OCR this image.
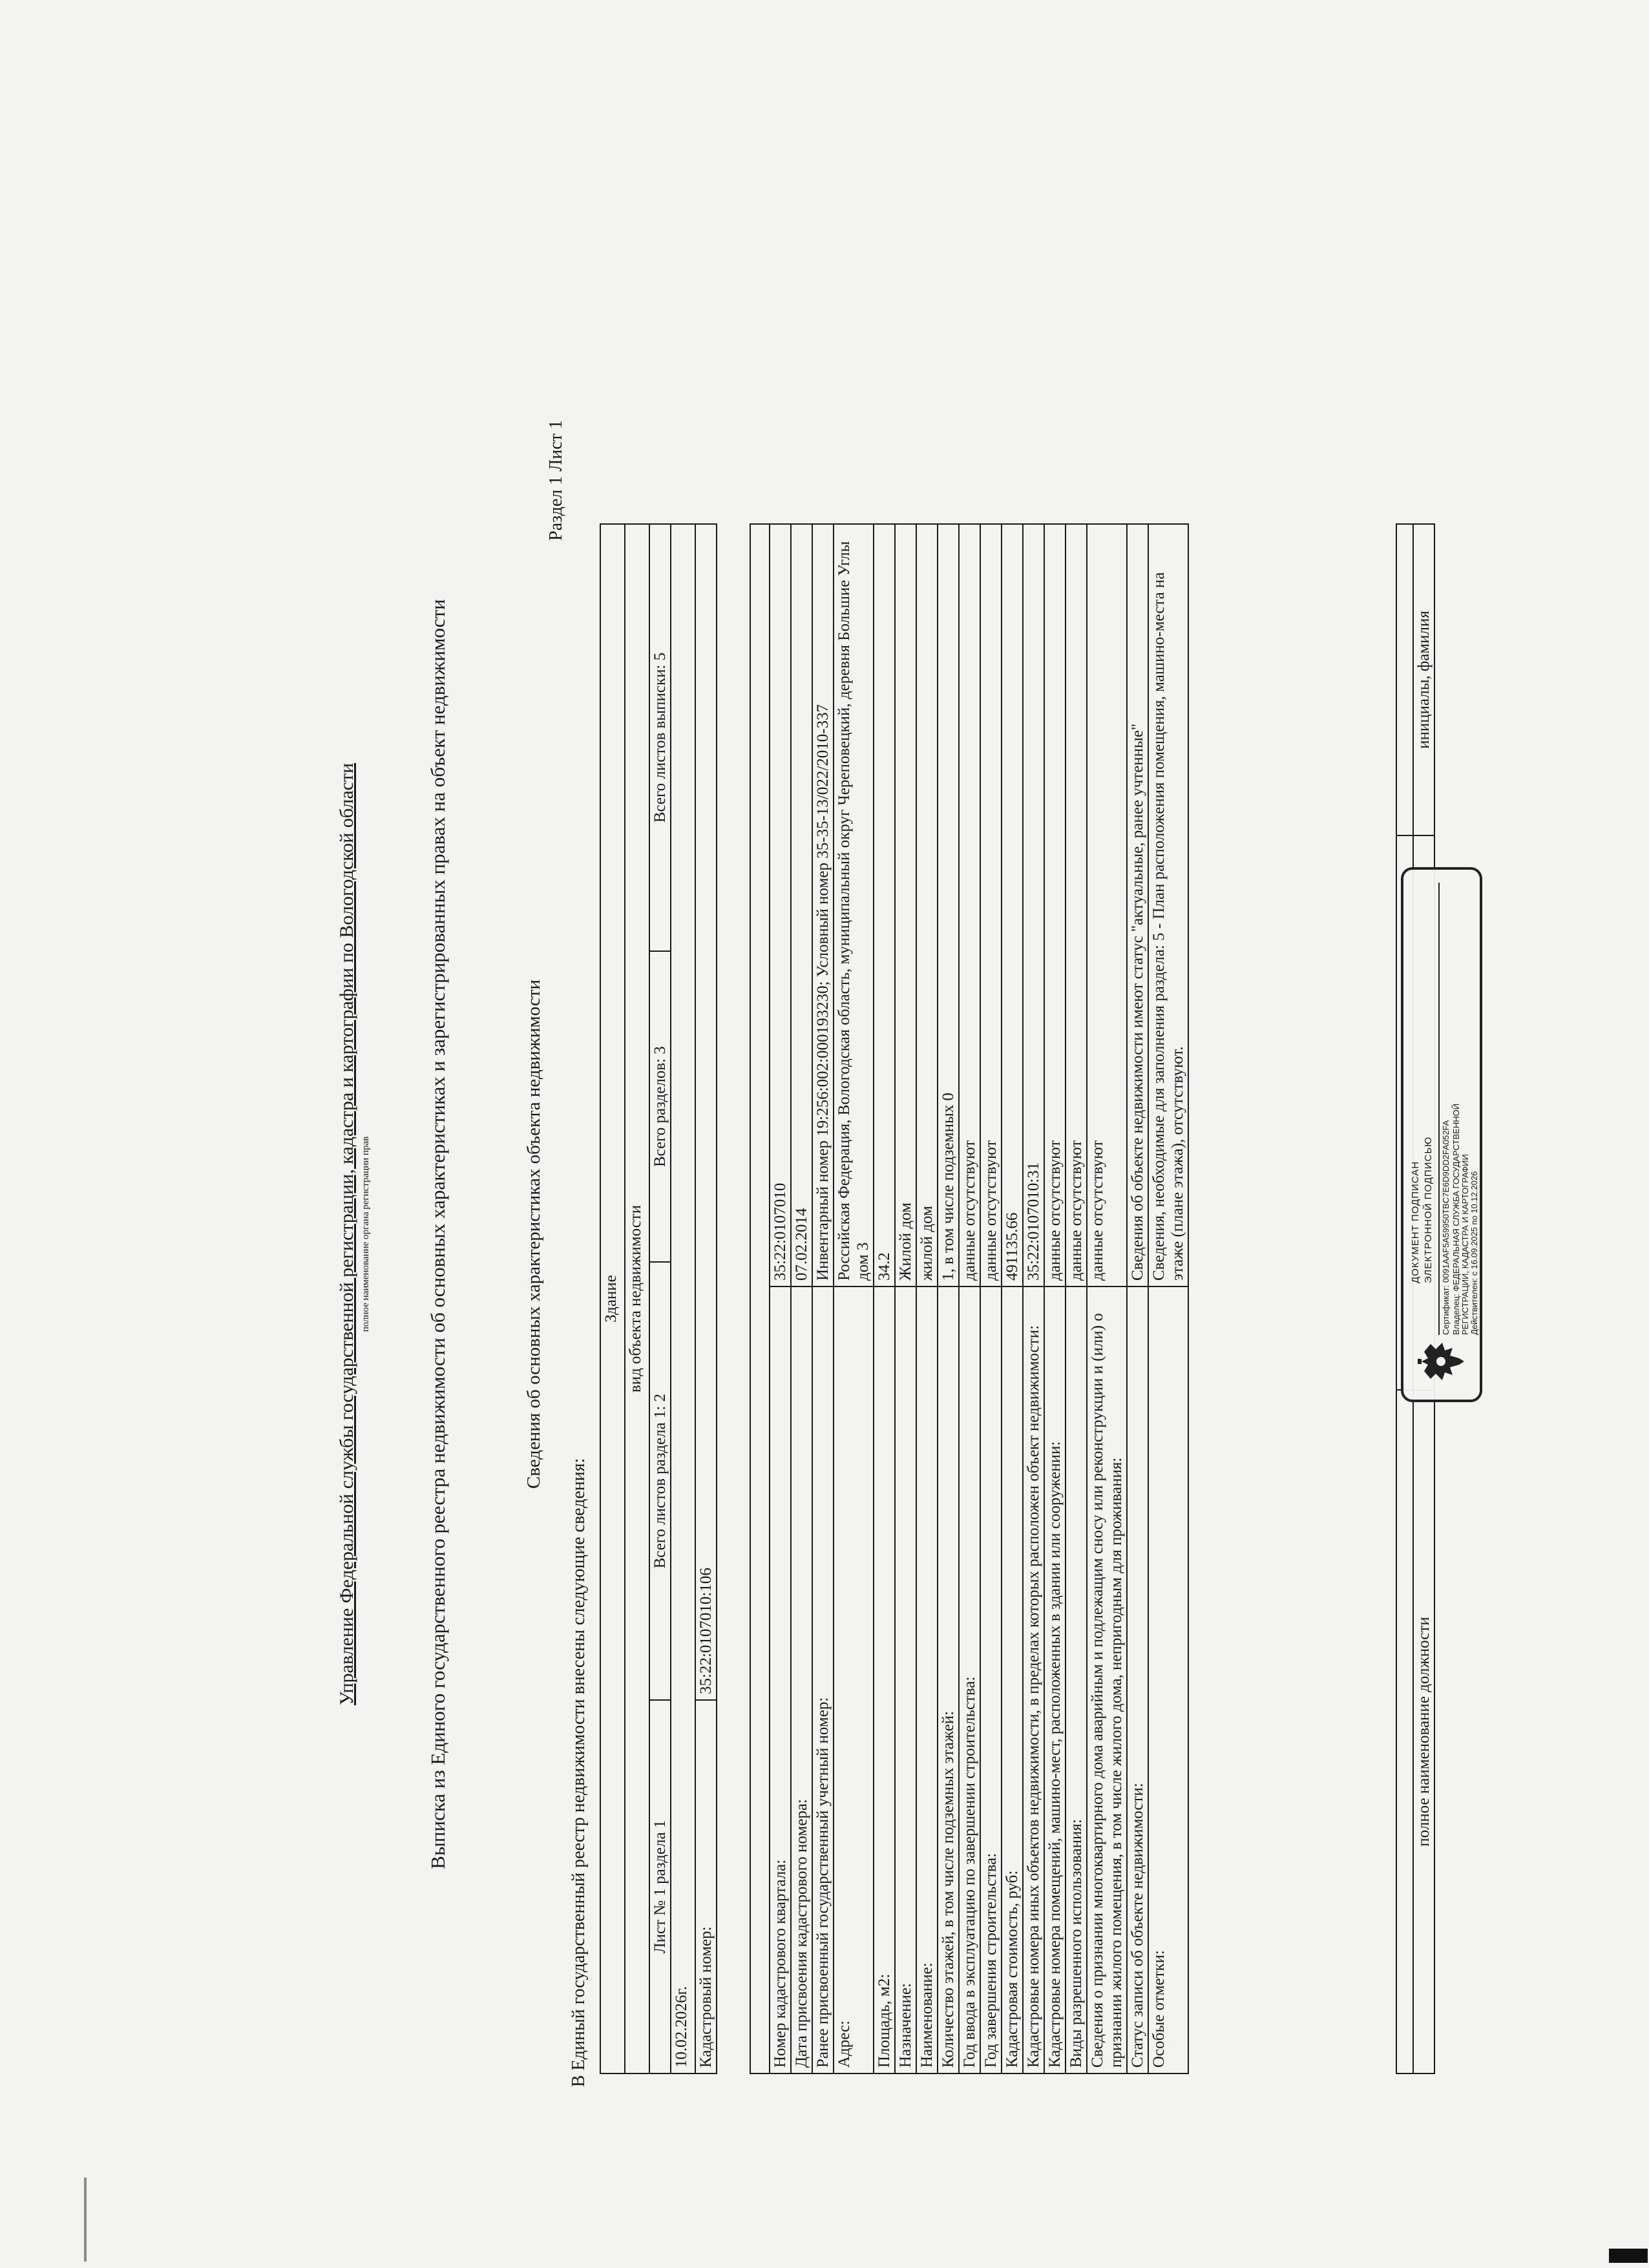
Управление Федеральной службы государственной регистрации, кадастра и картографии по Вологодской области полное наименование органа регистрации прав	Выписка из Единого государственного реестра недвижимости об основных характеристиках и зарегистрированных правах на объект недвижимости	Сведения об основных характеристиках объекта недвижимости
Раздел 1 Лист 1
В Единый государственный реестр недвижимости внесены следующие сведения:
Здание			
вид объекта недвижимости			
Лист № 1 раздела 1	Всего листов раздела 1: 2	Всего разделов: 3	Всего листов выписки: 5
10.02.2026г.			
Кадастровый номер:	35:22:0107010:106		

Номер кадастрового квартала:	35:22:0107010
Дата присвоения кадастрового номера:	07.02.2014
Ранее присвоенный государственный учетный номер:	Инвентарный номер 19:256:002:000193230; Условный номер 35-35-13/022/2010-337
Адрес:	Российская Федерация, Вологодская область, муниципальный округ Череповецкий, деревня Большие Углы дом 3
Площадь, м2:	34.2
Назначение:	Жилой дом
Наименование:	жилой дом
Количество этажей, в том числе подземных этажей:	1, в том числе подземных 0
Год ввода в эксплуатацию по завершении строительства:	данные отсутствуют
Год завершения строительства:	данные отсутствуют
Кадастровая стоимость, руб:	491135.66
Кадастровые номера иных объектов недвижимости, в пределах которых расположен объект недвижимости:	35:22:0107010:31
Кадастровые номера помещений, машино-мест, расположенных в здании или сооружении:	данные отсутствуют
Виды разрешенного использования:	данные отсутствуют
Сведения о признании многоквартирного дома аварийным и подлежащим сносу или реконструкции и (или) о признании жилого помещения, в том числе жилого дома, непригодным для проживания:	данные отсутствуют
Статус записи об объекте недвижимости:	Сведения об объекте недвижимости имеют статус "актуальные, ранее учтенные"
Особые отметки:	Сведения, необходимые для заполнения раздела: 5 - План расположения помещения, машино-места на этаже (плане этажа), отсутствуют.

полное наименование должности		инициалы, фамилия
ДОКУМЕНТ ПОДПИСАН ЭЛЕКТРОННОЙ ПОДПИСЬЮ Сертификат: 0091AAF5A59950TBC7E6D9DD2FA052FA Владелец: ФЕДЕРАЛЬНАЯ СЛУЖБА ГОСУДАРСТВЕННОЙ РЕГИСТРАЦИИ, КАДАСТРА И КАРТОГРАФИИ Действителен: с 16.09.2025 по 10.12.2026
